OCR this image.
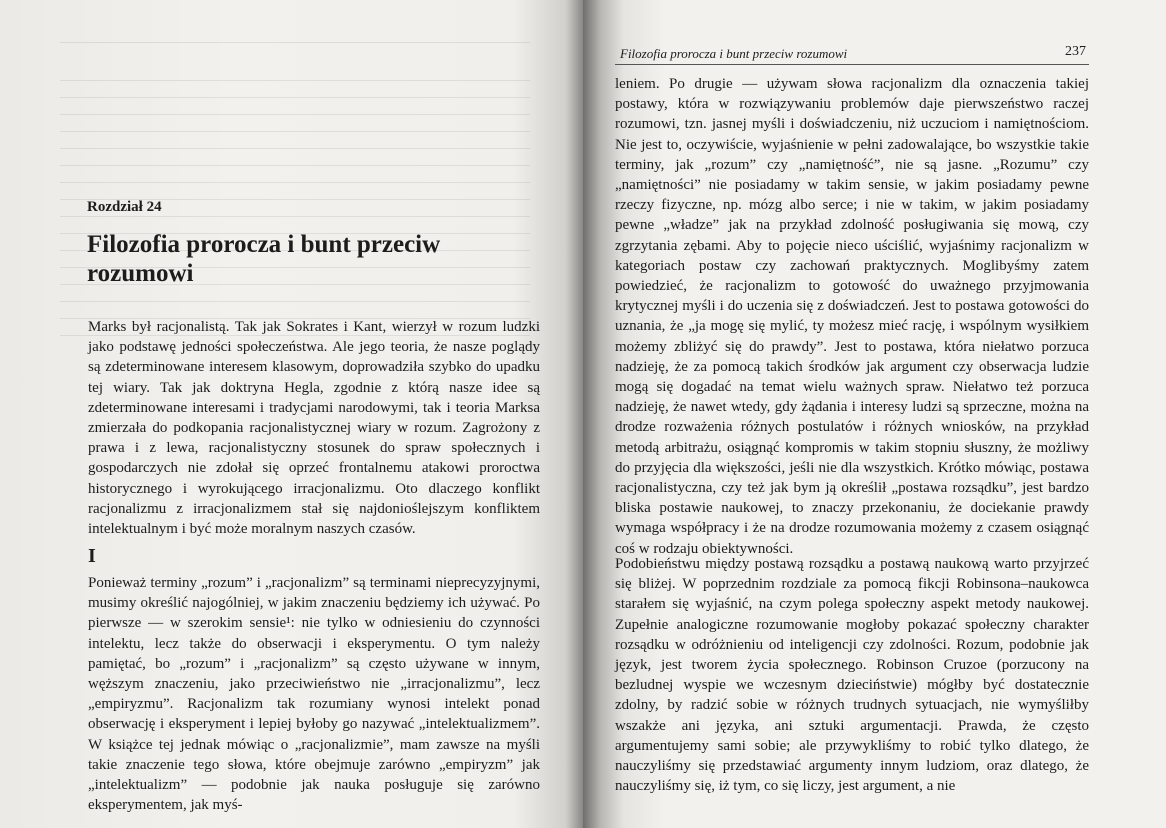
Rozdział 24
Filozofia proroczа i bunt przeciw rozumowi

Marks był racjonalistą. Tak jak Sokrates i Kant, wierzył w rozum ludzki jako podstawę jedności społeczeństwa. Ale jego teoria, że nasze poglądy są zdeterminowane interesem klasowym, doprowadziła szybko do upadku tej wiary. Tak jak doktryna Hegla, zgodnie z którą nasze idee są zdeterminowane interesami i tradycjami narodowymi, tak i teoria Marksa zmierzała do podkopania racjonalistycznej wiary w rozum. Zagrożony z prawa i z lewa, racjonalistyczny stosunek do spraw społecznych i gospodarczych nie zdołał się oprzeć frontalnemu atakowi proroctwa historycznego i wyrokującego irracjonalizmu. Oto dlaczego konflikt racjonalizmu z irracjonalizmem stał się najdonioślejszym konfliktem intelektualnym i być może moralnym naszych czasów.

I

Ponieważ terminy „rozum” i „racjonalizm” są terminami nieprecyzyjnymi, musimy określić najogólniej, w jakim znaczeniu będziemy ich używać. Po pierwsze — w szerokim sensie¹: nie tylko w odniesieniu do czynności intelektu, lecz także do obserwacji i eksperymentu. O tym należy pamiętać, bo „rozum” i „racjonalizm” są często używane w innym, węższym znaczeniu, jako przeciwieństwo nie „irracjonalizmu”, lecz „empiryzmu”. Racjonalizm tak rozumiany wynosi intelekt ponad obserwację i eksperyment i lepiej byłoby go nazywać „intelektualizmem”. W książce tej jednak mówiąc o „racjonalizmie”, mam zawsze na myśli takie znaczenie tego słowa, które obejmuje zarówno „empiryzm” jak „intelektualizm” — podobnie jak nauka posługuje się zarówno eksperymentem, jak myś-

Filozofia proroczа i bunt przeciw rozumowi	237

leniem. Po drugie — używam słowa racjonalizm dla oznaczenia takiej postawy, która w rozwiązywaniu problemów daje pierwszeństwo raczej rozumowi, tzn. jasnej myśli i doświadczeniu, niż uczuciom i namiętnościom. Nie jest to, oczywiście, wyjaśnienie w pełni zadowalające, bo wszystkie takie terminy, jak „rozum” czy „namiętność”, nie są jasne. „Rozumu” czy „namiętności” nie posiadamy w takim sensie, w jakim posiadamy pewne rzeczy fizyczne, np. mózg albo serce; i nie w takim, w jakim posiadamy pewne „władze” jak na przykład zdolność posługiwania się mową, czy zgrzytania zębami. Aby to pojęcie nieco uściślić, wyjaśnimy racjonalizm w kategoriach postaw czy zachowań praktycznych. Moglibyśmy zatem powiedzieć, że racjonalizm to gotowość do uważnego przyjmowania krytycznej myśli i do uczenia się z doświadczeń. Jest to postawa gotowości do uznania, że „ja mogę się mylić, ty możesz mieć rację, i wspólnym wysiłkiem możemy zbliżyć się do prawdy”. Jest to postawa, która niełatwo porzuca nadzieję, że za pomocą takich środków jak argument czy obserwacja ludzie mogą się dogadać na temat wielu ważnych spraw. Niełatwo też porzuca nadzieję, że nawet wtedy, gdy żądania i interesy ludzi są sprzeczne, można na drodze rozważenia różnych postulatów i różnych wniosków, na przykład metodą arbitrażu, osiągnąć kompromis w takim stopniu słuszny, że możliwy do przyjęcia dla większości, jeśli nie dla wszystkich. Krótko mówiąc, postawa racjonalistyczna, czy też jak bym ją określił „postawa rozsądku”, jest bardzo bliska postawie naukowej, to znaczy przekonaniu, że dociekanie prawdy wymaga współpracy i że na drodze rozumowania możemy z czasem osiągnąć coś w rodzaju obiektywności.

Podobieństwu między postawą rozsądku a postawą naukową warto przyjrzeć się bliżej. W poprzednim rozdziale za pomocą fikcji Robinsona–naukowca starałem się wyjaśnić, na czym polega społeczny aspekt metody naukowej. Zupełnie analogiczne rozumowanie mogłoby pokazać społeczny charakter rozsądku w odróżnieniu od inteligencji czy zdolności. Rozum, podobnie jak język, jest tworem życia społecznego. Robinson Cruzoe (porzucony na bezludnej wyspie we wczesnym dzieciństwie) mógłby być dostatecznie zdolny, by radzić sobie w różnych trudnych sytuacjach, nie wymyśliłby wszakże ani języka, ani sztuki argumentacji. Prawda, że często argumentujemy sami sobie; ale przywykliśmy to robić tylko dlatego, że nauczyliśmy się przedstawiać argumenty innym ludziom, oraz dlatego, że nauczyliśmy się, iż tym, co się liczy, jest argument, a nie
